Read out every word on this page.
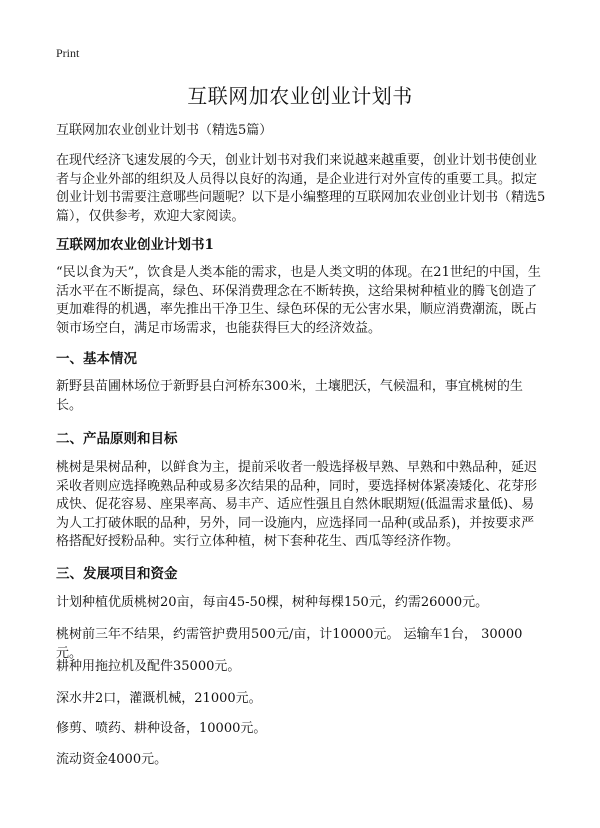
Print
互联网加农业创业计划书

互联网加农业创业计划书（精选5篇）

在现代经济飞速发展的今天，创业计划书对我们来说越来越重要，创业计划书使创业者与企业外部的组织及人员得以良好的沟通，是企业进行对外宣传的重要工具。拟定创业计划书需要注意哪些问题呢？以下是小编整理的互联网加农业创业计划书（精选5篇），仅供参考，欢迎大家阅读。

互联网加农业创业计划书1

“民以食为天”，饮食是人类本能的需求，也是人类文明的体现。在21世纪的中国，生活水平在不断提高，绿色、环保消费理念在不断转换，这给果树种植业的腾飞创造了更加难得的机遇，率先推出干净卫生、绿色环保的无公害水果，顺应消费潮流，既占领市场空白，满足市场需求，也能获得巨大的经济效益。

一、基本情况

新野县苗圃林场位于新野县白河桥东300米，土壤肥沃，气候温和，事宜桃树的生长。

二、产品原则和目标

桃树是果树品种，以鲜食为主，提前采收者一般选择极早熟、早熟和中熟品种，延迟采收者则应选择晚熟品种或易多次结果的品种，同时，要选择树体紧凑矮化、花芽形成快、促花容易、座果率高、易丰产、适应性强且自然休眠期短(低温需求量低)、易为人工打破休眠的品种，另外，同一设施内，应选择同一品种(或品系)，并按要求严格搭配好授粉品种。实行立体种植，树下套种花生、西瓜等经济作物。

三、发展项目和资金

计划种植优质桃树20亩，每亩45-50棵，树种每棵150元，约需26000元。

桃树前三年不结果，约需管护费用500元/亩，计10000元。 运输车1台， 30000元。

耕种用拖拉机及配件35000元。

深水井2口，灌溉机械，21000元。

修剪、喷药、耕种设备，10000元。

流动资金4000元。
